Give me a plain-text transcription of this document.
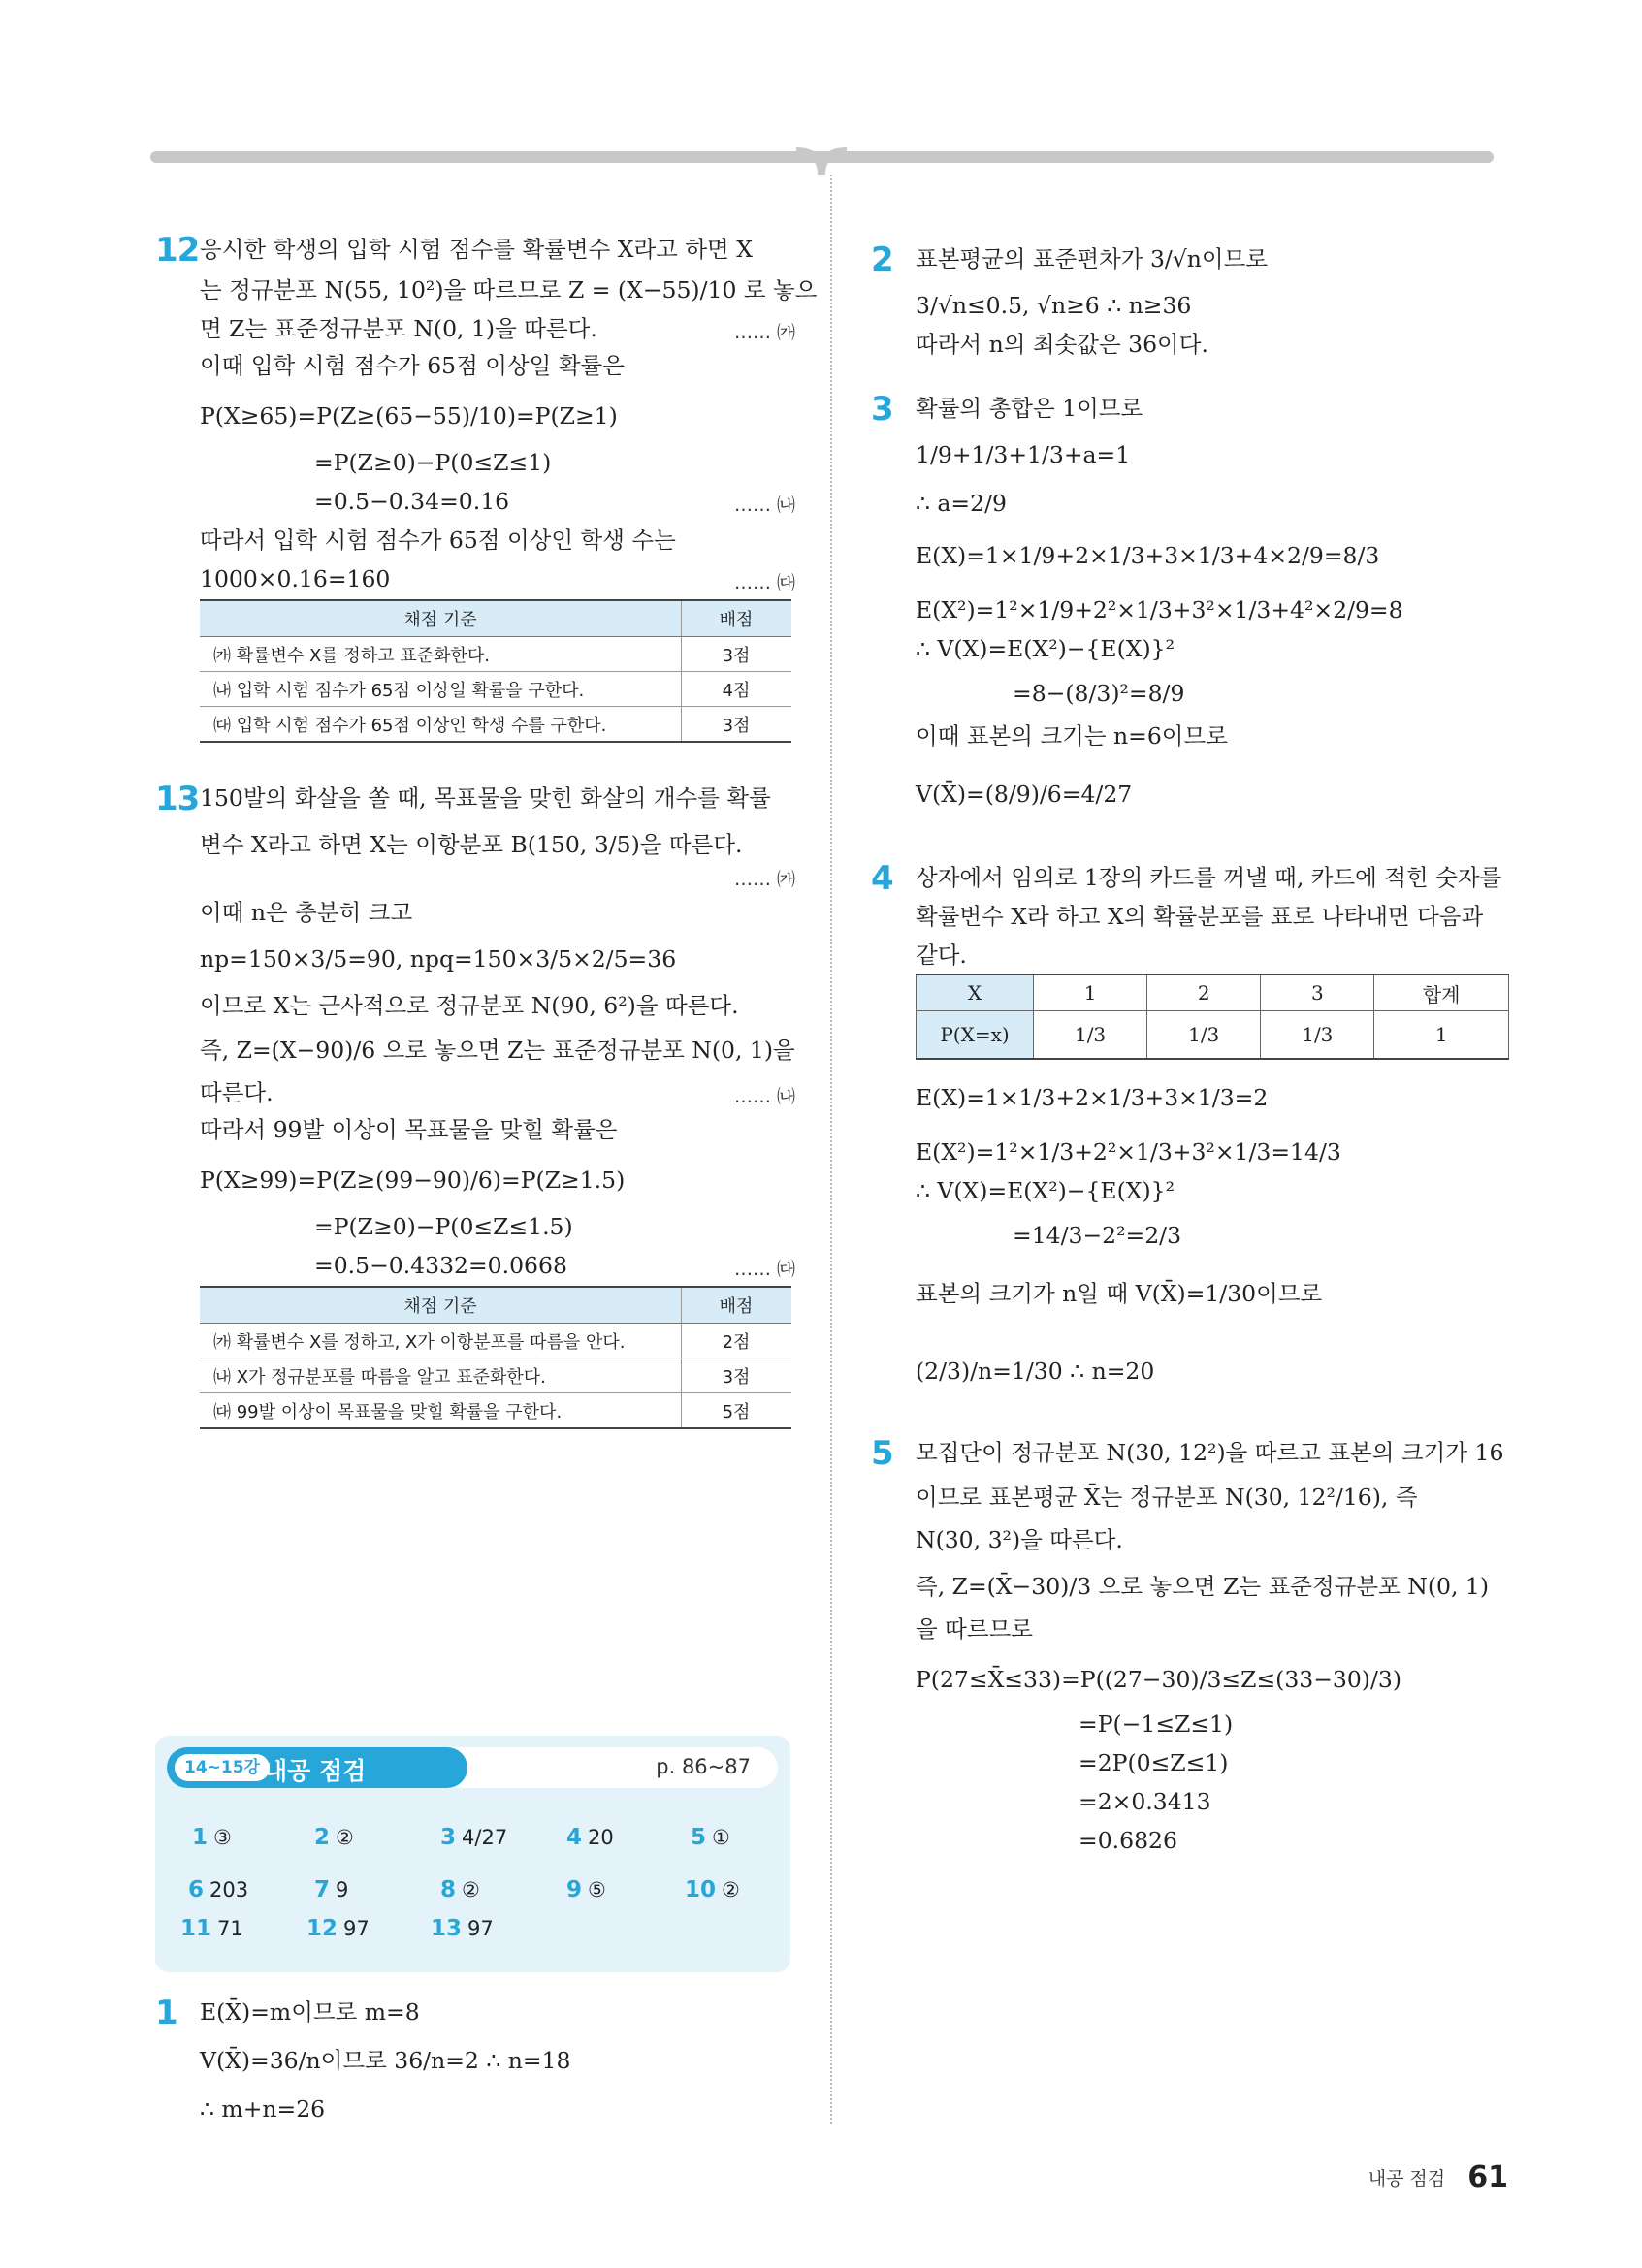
12 응시한 학생의 입학 시험 점수를 확률변수 X라고 하면 X

는 정규분포 N(55, 10²)을 따르므로 Z = (X−55)/10 로 놓으

면 Z는 표준정규분포 N(0, 1)을 따른다.	…… ㈎

이때 입학 시험 점수가 65점 이상일 확률은

P(X≥65)=P(Z≥(65−55)/10)=P(Z≥1)

=P(Z≥0)−P(0≤Z≤1)

=0.5−0.34=0.16	…… ㈏

따라서 입학 시험 점수가 65점 이상인 학생 수는

1000×0.16=160	…… ㈐
채점 기준	배점
㈎ 확률변수 X를 정하고 표준화한다.	3점
㈏ 입학 시험 점수가 65점 이상일 확률을 구한다.	4점
㈐ 입학 시험 점수가 65점 이상인 학생 수를 구한다.	3점
13 150발의 화살을 쏠 때, 목표물을 맞힌 화살의 개수를 확률

변수 X라고 하면 X는 이항분포 B(150, 3/5)을 따른다.

…… ㈎

이때 n은 충분히 크고

np=150×3/5=90, npq=150×3/5×2/5=36

이므로 X는 근사적으로 정규분포 N(90, 6²)을 따른다.

즉, Z=(X−90)/6 으로 놓으면 Z는 표준정규분포 N(0, 1)을

따른다.	…… ㈏

따라서 99발 이상이 목표물을 맞힐 확률은

P(X≥99)=P(Z≥(99−90)/6)=P(Z≥1.5)

=P(Z≥0)−P(0≤Z≤1.5)

=0.5−0.4332=0.0668	…… ㈐
채점 기준	배점
㈎ 확률변수 X를 정하고, X가 이항분포를 따름을 안다.	2점
㈏ X가 정규분포를 따름을 알고 표준화한다.	3점
㈐ 99발 이상이 목표물을 맞힐 확률을 구한다.	5점
14~15강 내공 점검	p. 86~87
1 ③	2 ②	3 4/27	4 20	5 ①
6 203	7 9	8 ②	9 ⑤	10 ②
11 71	12 97	13 97
1 E(X̄)=m이므로 m=8

V(X̄)=36/n이므로 36/n=2 ∴ n=18

∴ m+n=26

2 표본평균의 표준편차가 3/√n이므로

3/√n≤0.5, √n≥6 ∴ n≥36

따라서 n의 최솟값은 36이다.

3 확률의 총합은 1이므로

1/9+1/3+1/3+a=1

∴ a=2/9

E(X)=1×1/9+2×1/3+3×1/3+4×2/9=8/3

E(X²)=1²×1/9+2²×1/3+3²×1/3+4²×2/9=8

∴ V(X)=E(X²)−{E(X)}²

=8−(8/3)²=8/9

이때 표본의 크기는 n=6이므로

V(X̄)=(8/9)/6=4/27

4 상자에서 임의로 1장의 카드를 꺼낼 때, 카드에 적힌 숫자를

확률변수 X라 하고 X의 확률분포를 표로 나타내면 다음과

같다.

X	1	2	3	합계
P(X=x)	1/3	1/3	1/3	1

E(X)=1×1/3+2×1/3+3×1/3=2

E(X²)=1²×1/3+2²×1/3+3²×1/3=14/3

∴ V(X)=E(X²)−{E(X)}²

=14/3−2²=2/3

표본의 크기가 n일 때 V(X̄)=1/30이므로

(2/3)/n=1/30 ∴ n=20

5 모집단이 정규분포 N(30, 12²)을 따르고 표본의 크기가 16

이므로 표본평균 X̄는 정규분포 N(30, 12²/16), 즉

N(30, 3²)을 따른다.

즉, Z=(X̄−30)/3 으로 놓으면 Z는 표준정규분포 N(0, 1)

을 따르므로

P(27≤X̄≤33)=P((27−30)/3≤Z≤(33−30)/3)

=P(−1≤Z≤1)

=2P(0≤Z≤1)

=2×0.3413

=0.6826

내공 점검 61
